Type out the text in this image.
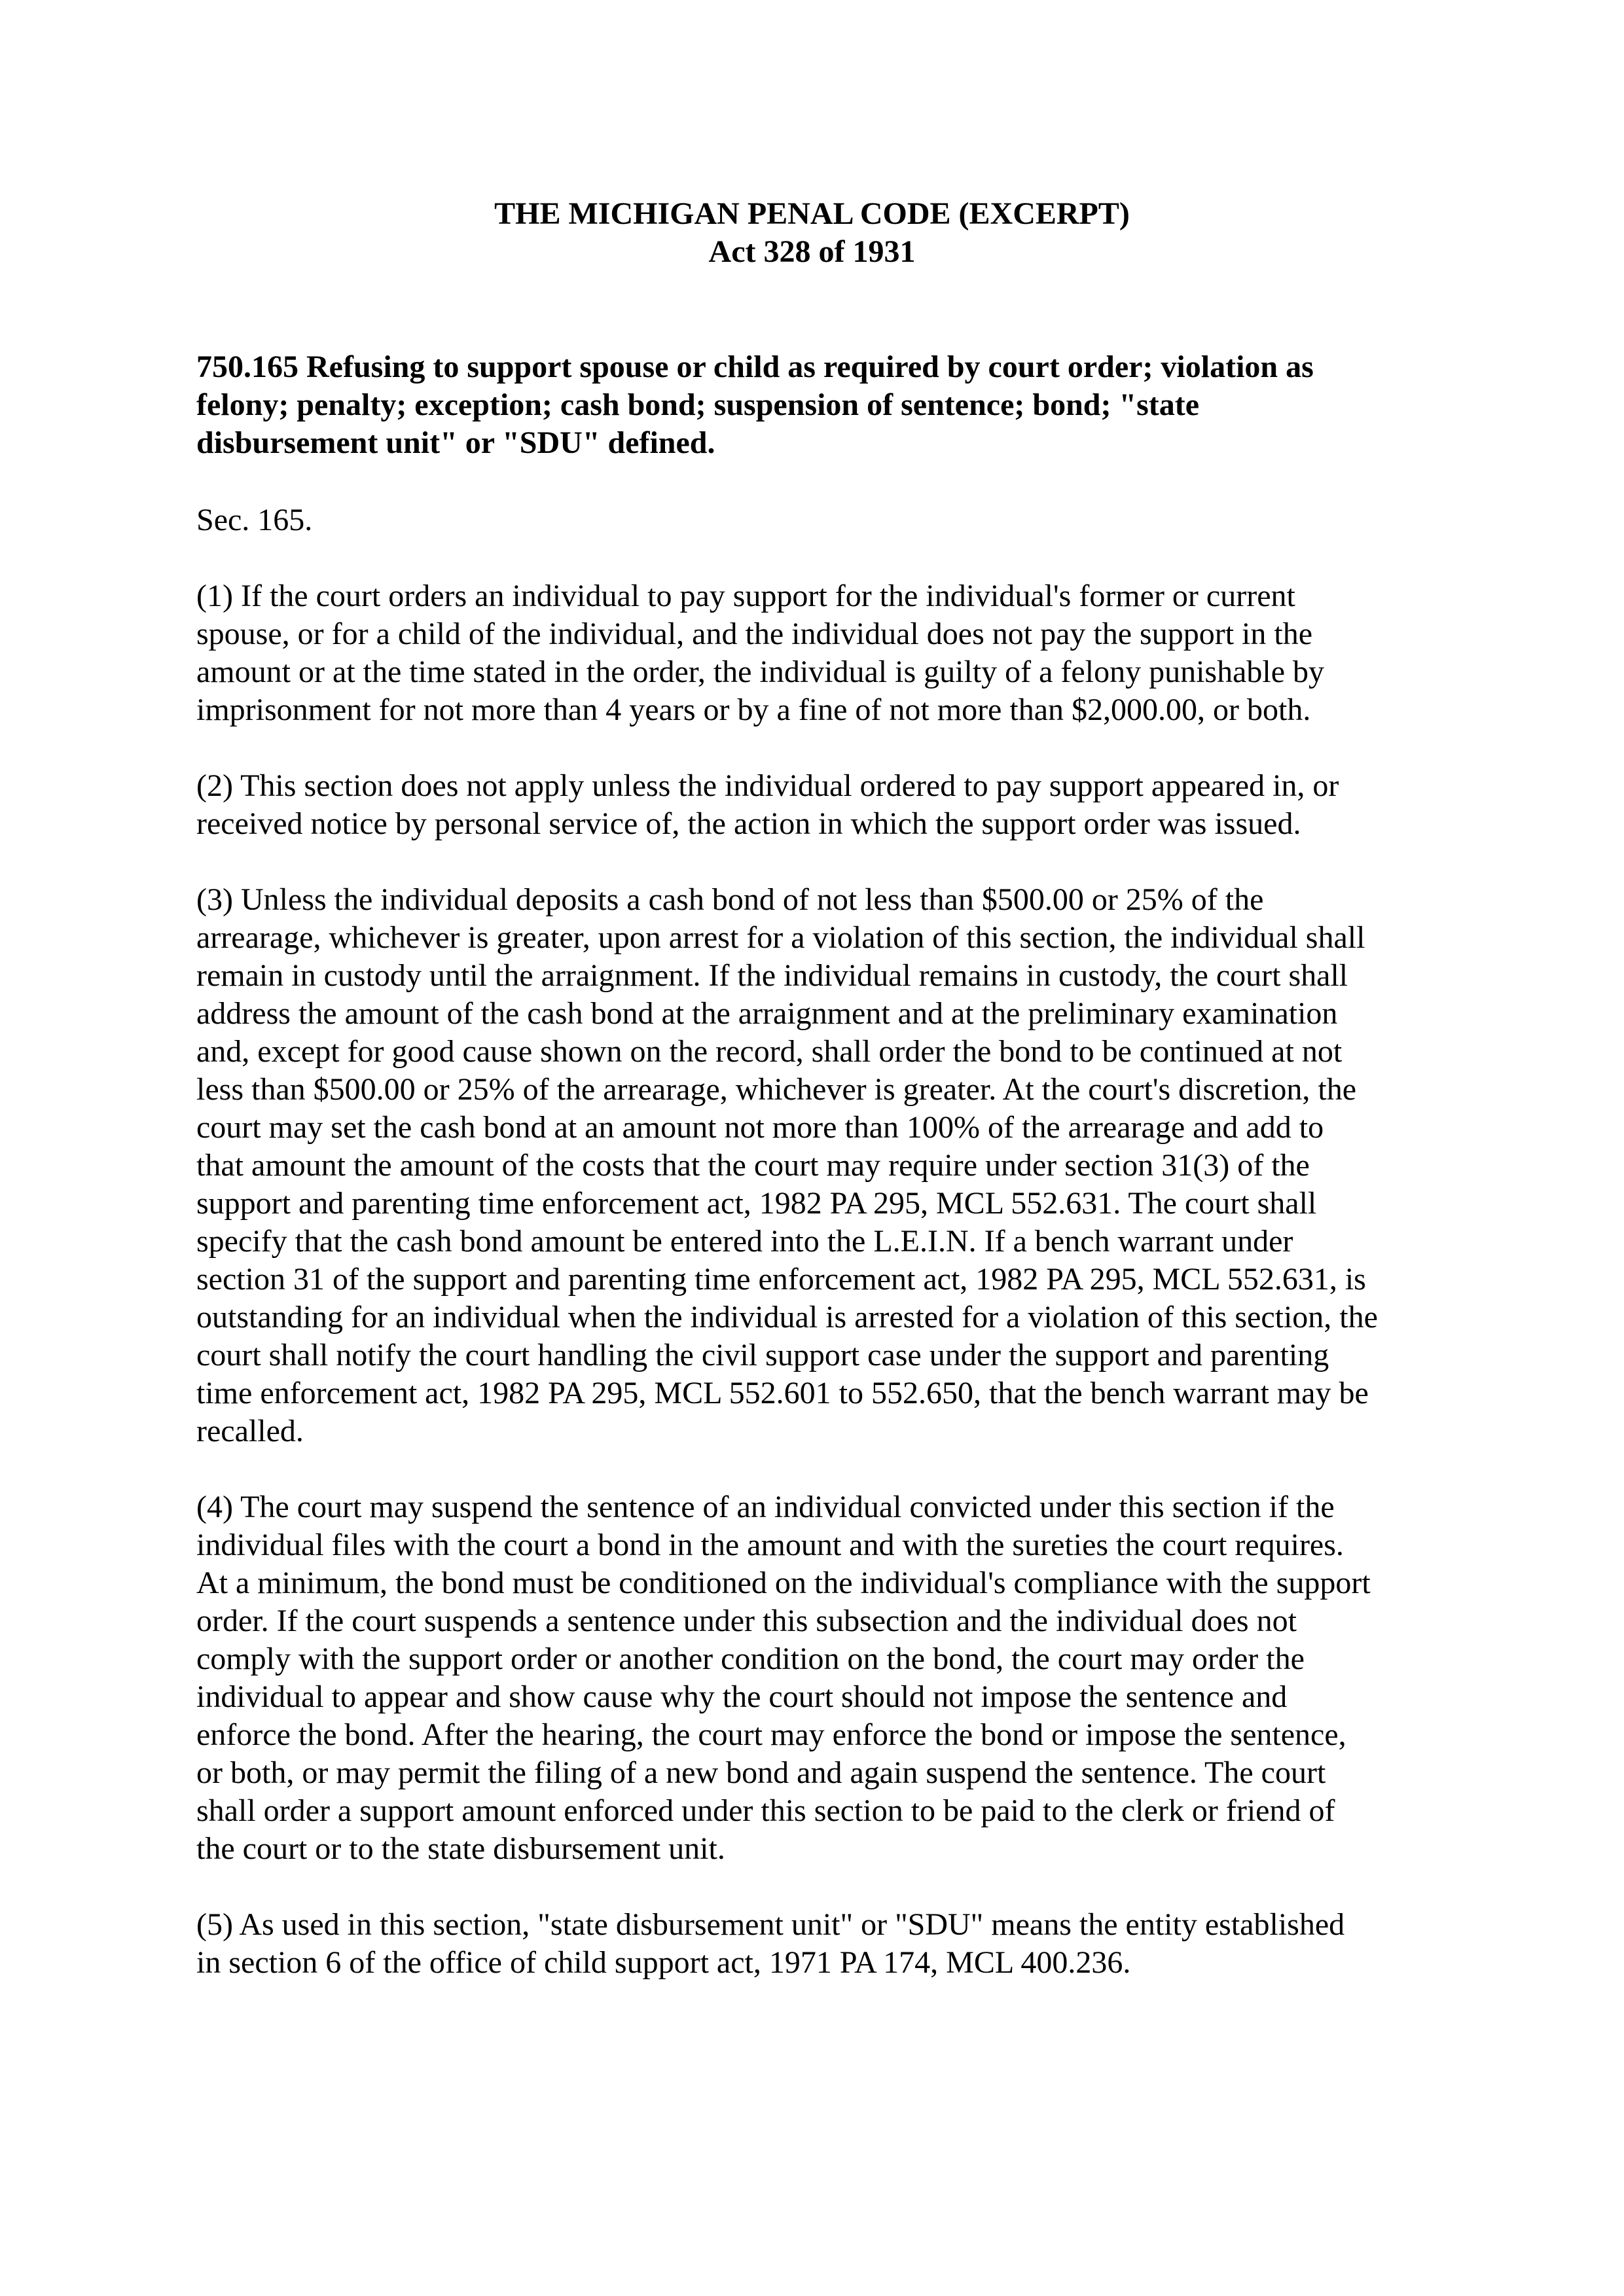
THE MICHIGAN PENAL CODE (EXCERPT)
Act 328 of 1931
750.165 Refusing to support spouse or child as required by court order; violation as
felony; penalty; exception; cash bond; suspension of sentence; bond; "state
disbursement unit" or "SDU" defined.
Sec. 165.
(1) If the court orders an individual to pay support for the individual's former or current
spouse, or for a child of the individual, and the individual does not pay the support in the
amount or at the time stated in the order, the individual is guilty of a felony punishable by
imprisonment for not more than 4 years or by a fine of not more than $2,000.00, or both.
(2) This section does not apply unless the individual ordered to pay support appeared in, or
received notice by personal service of, the action in which the support order was issued.
(3) Unless the individual deposits a cash bond of not less than $500.00 or 25% of the
arrearage, whichever is greater, upon arrest for a violation of this section, the individual shall
remain in custody until the arraignment. If the individual remains in custody, the court shall
address the amount of the cash bond at the arraignment and at the preliminary examination
and, except for good cause shown on the record, shall order the bond to be continued at not
less than $500.00 or 25% of the arrearage, whichever is greater. At the court's discretion, the
court may set the cash bond at an amount not more than 100% of the arrearage and add to
that amount the amount of the costs that the court may require under section 31(3) of the
support and parenting time enforcement act, 1982 PA 295, MCL 552.631. The court shall
specify that the cash bond amount be entered into the L.E.I.N. If a bench warrant under
section 31 of the support and parenting time enforcement act, 1982 PA 295, MCL 552.631, is
outstanding for an individual when the individual is arrested for a violation of this section, the
court shall notify the court handling the civil support case under the support and parenting
time enforcement act, 1982 PA 295, MCL 552.601 to 552.650, that the bench warrant may be
recalled.
(4) The court may suspend the sentence of an individual convicted under this section if the
individual files with the court a bond in the amount and with the sureties the court requires.
At a minimum, the bond must be conditioned on the individual's compliance with the support
order. If the court suspends a sentence under this subsection and the individual does not
comply with the support order or another condition on the bond, the court may order the
individual to appear and show cause why the court should not impose the sentence and
enforce the bond. After the hearing, the court may enforce the bond or impose the sentence,
or both, or may permit the filing of a new bond and again suspend the sentence. The court
shall order a support amount enforced under this section to be paid to the clerk or friend of
the court or to the state disbursement unit.
(5) As used in this section, "state disbursement unit" or "SDU" means the entity established
in section 6 of the office of child support act, 1971 PA 174, MCL 400.236.
